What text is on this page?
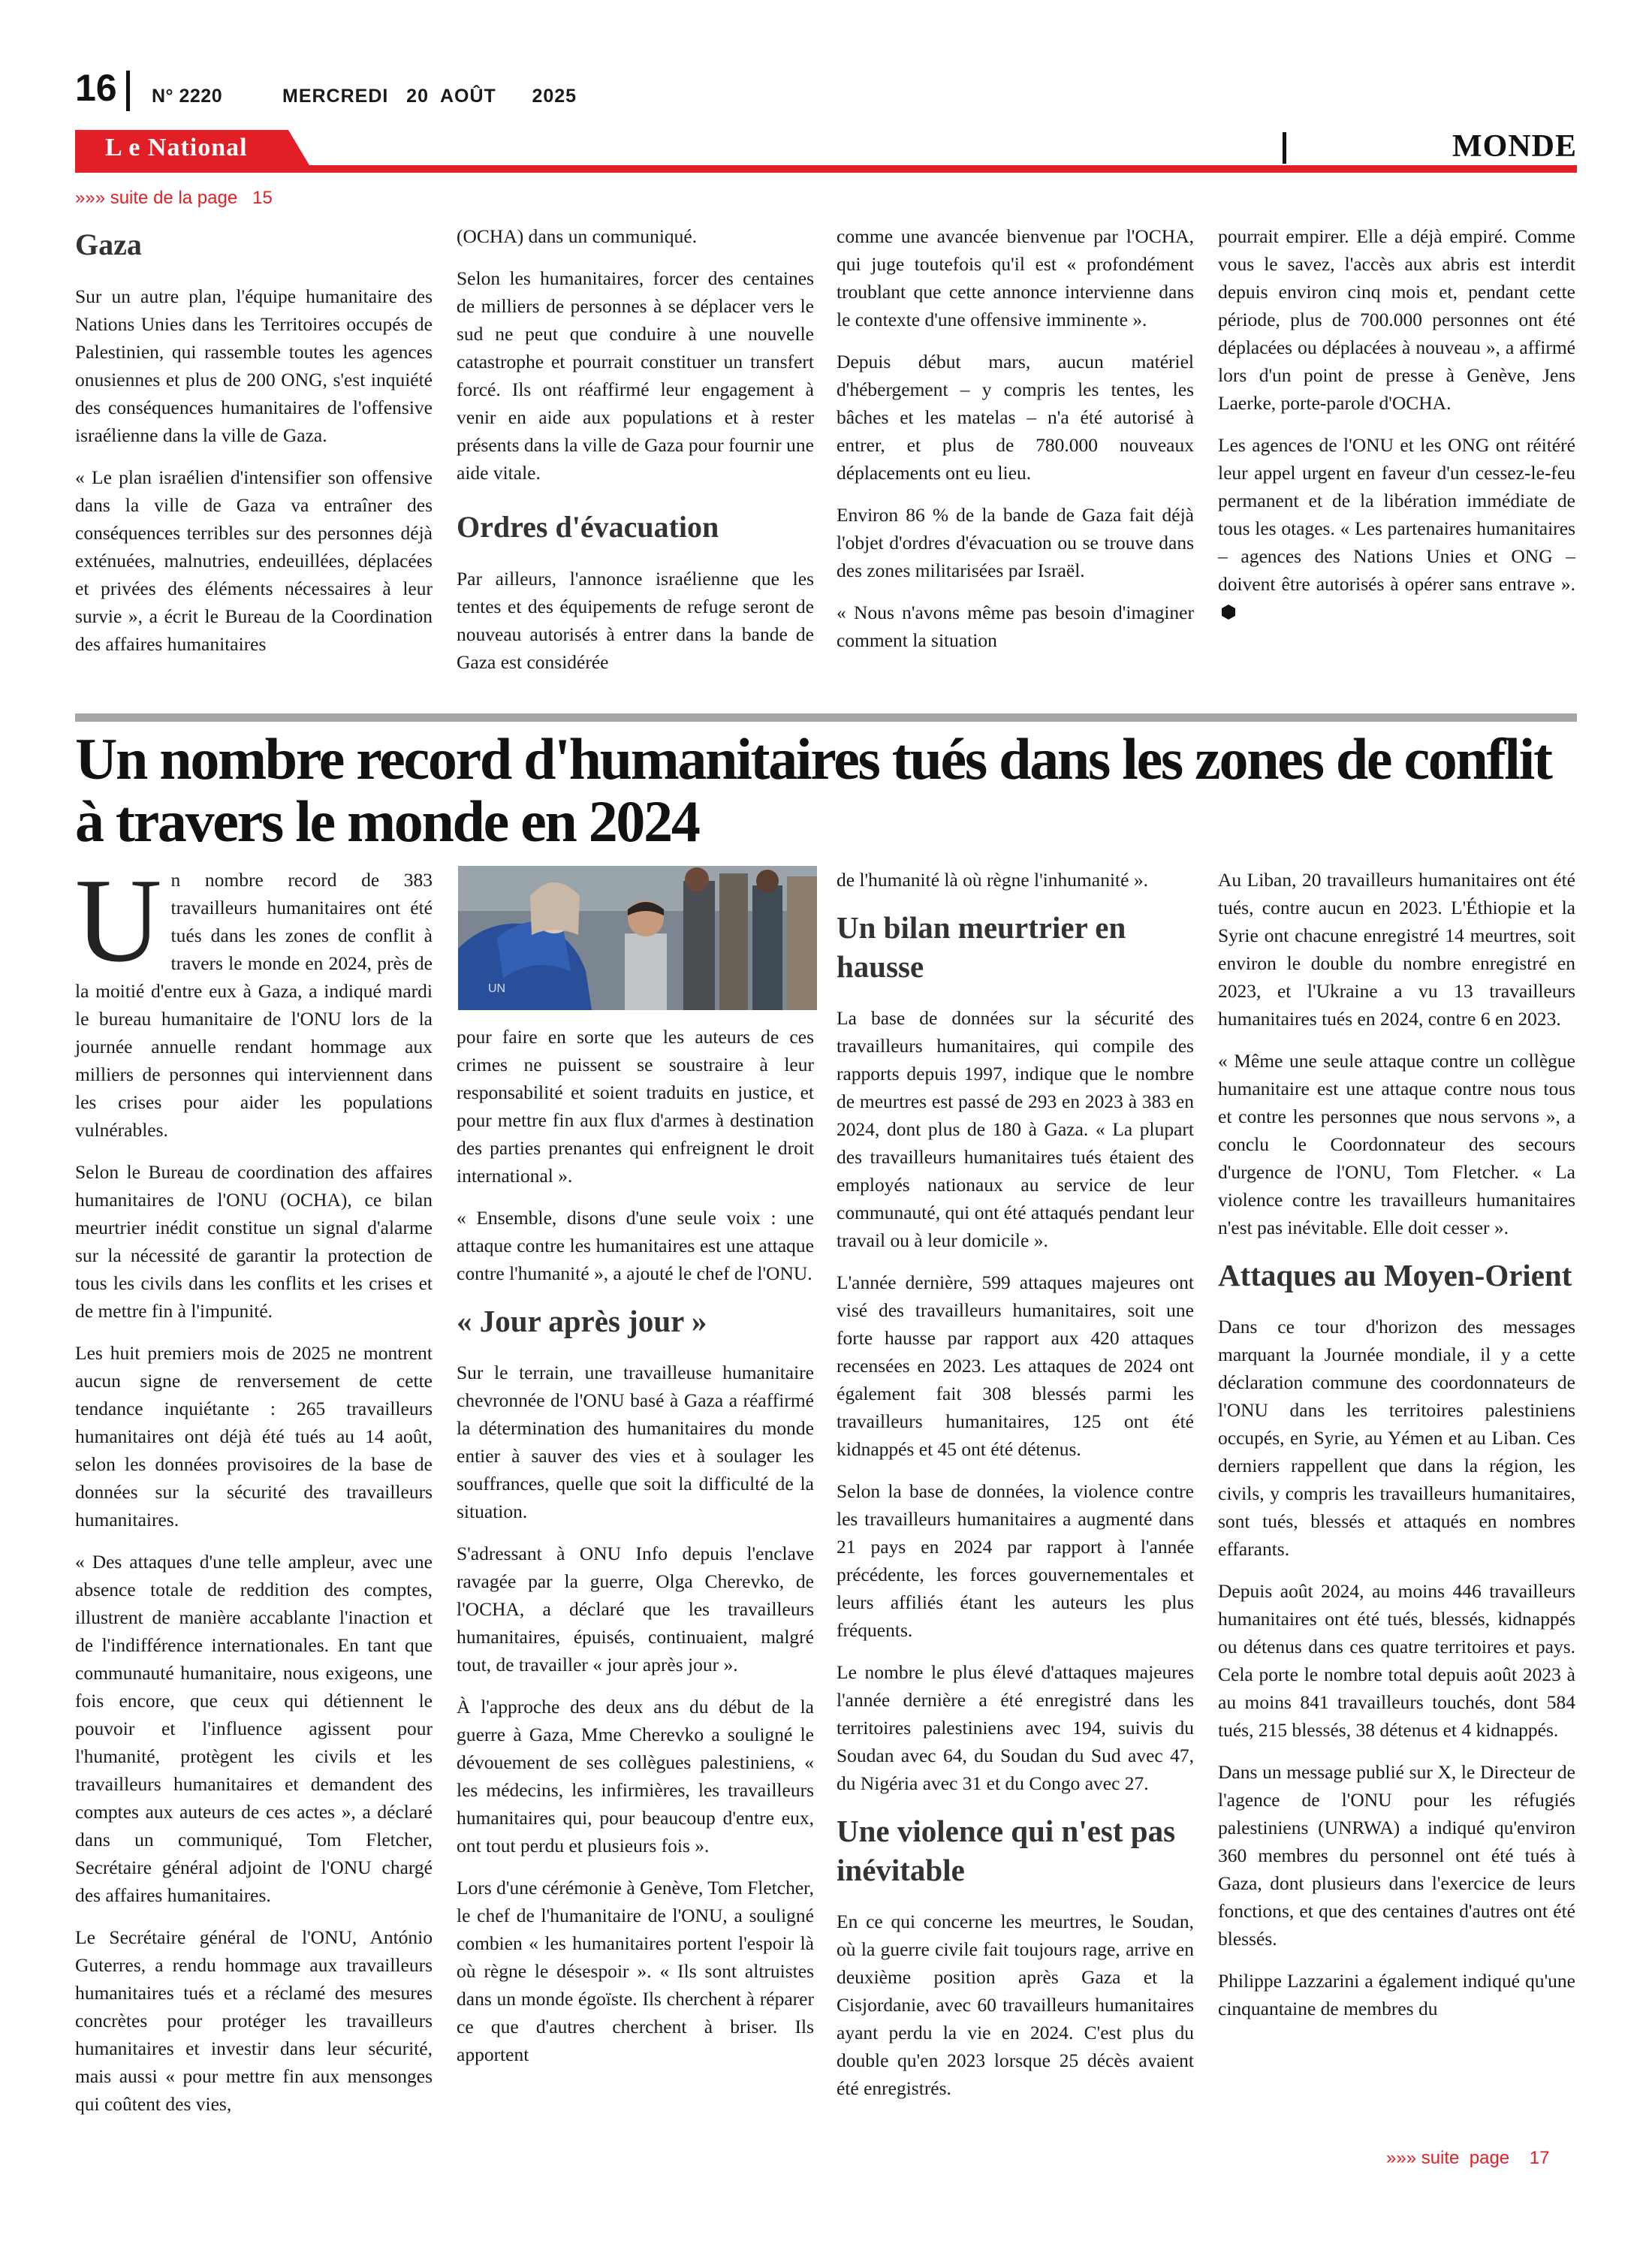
16 N° 2220	MERCREDI   20  AOÛT      2025
L e National	MONDE
»»» suite de la page   15
Gaza

Sur un autre plan, l'équipe humanitaire des Nations Unies dans les Territoires occupés de Palestinien, qui rassemble toutes les agences onusiennes et plus de 200 ONG, s'est inquiété des conséquences humanitaires de l'offensive israélienne dans la ville de Gaza.

« Le plan israélien d'intensifier son offensive dans la ville de Gaza va entraîner des conséquences terribles sur des personnes déjà exténuées, malnutries, endeuillées, déplacées et privées des éléments nécessaires à leur survie », a écrit le Bureau de la Coordination des affaires humanitaires

(OCHA) dans un communiqué.

Selon les humanitaires, forcer des centaines de milliers de personnes à se déplacer vers le sud ne peut que conduire à une nouvelle catastrophe et pourrait constituer un transfert forcé. Ils ont réaffirmé leur engagement à venir en aide aux populations et à rester présents dans la ville de Gaza pour fournir une aide vitale.

Ordres d'évacuation

Par ailleurs, l'annonce israélienne que les tentes et des équipements de refuge seront de nouveau autorisés à entrer dans la bande de Gaza est considérée

comme une avancée bienvenue par l'OCHA, qui juge toutefois qu'il est « profondément troublant que cette annonce intervienne dans le contexte d'une offensive imminente ».

Depuis début mars, aucun matériel d'hébergement – y compris les tentes, les bâches et les matelas – n'a été autorisé à entrer, et plus de 780.000 nouveaux déplacements ont eu lieu.

Environ 86 % de la bande de Gaza fait déjà l'objet d'ordres d'évacuation ou se trouve dans des zones militarisées par Israël.

« Nous n'avons même pas besoin d'imaginer comment la situation

pourrait empirer. Elle a déjà empiré. Comme vous le savez, l'accès aux abris est interdit depuis environ cinq mois et, pendant cette période, plus de 700.000 personnes ont été déplacées ou déplacées à nouveau », a affirmé lors d'un point de presse à Genève, Jens Laerke, porte-parole d'OCHA.

Les agences de l'ONU et les ONG ont réitéré leur appel urgent en faveur d'un cessez-le-feu permanent et de la libération immédiate de tous les otages. « Les partenaires humanitaires – agences des Nations Unies et ONG – doivent être autorisés à opérer sans entrave ».

Un nombre record d'humanitaires tués dans les zones de conflit à travers le monde en 2024

Un nombre record de 383 travailleurs humanitaires ont été tués dans les zones de conflit à travers le monde en 2024, près de la moitié d'entre eux à Gaza, a indiqué mardi le bureau humanitaire de l'ONU lors de la journée annuelle rendant hommage aux milliers de personnes qui interviennent dans les crises pour aider les populations vulnérables.

Selon le Bureau de coordination des affaires humanitaires de l'ONU (OCHA), ce bilan meurtrier inédit constitue un signal d'alarme sur la nécessité de garantir la protection de tous les civils dans les conflits et les crises et de mettre fin à l'impunité.

Les huit premiers mois de 2025 ne montrent aucun signe de renversement de cette tendance inquiétante : 265 travailleurs humanitaires ont déjà été tués au 14 août, selon les données provisoires de la base de données sur la sécurité des travailleurs humanitaires.

« Des attaques d'une telle ampleur, avec une absence totale de reddition des comptes, illustrent de manière accablante l'inaction et de l'indifférence internationales. En tant que communauté humanitaire, nous exigeons, une fois encore, que ceux qui détiennent le pouvoir et l'influence agissent pour l'humanité, protègent les civils et les travailleurs humanitaires et demandent des comptes aux auteurs de ces actes », a déclaré dans un communiqué, Tom Fletcher, Secrétaire général adjoint de l'ONU chargé des affaires humanitaires.

Le Secrétaire général de l'ONU, António Guterres, a rendu hommage aux travailleurs humanitaires tués et a réclamé des mesures concrètes pour protéger les travailleurs humanitaires et investir dans leur sécurité, mais aussi « pour mettre fin aux mensonges qui coûtent des vies,

UN

pour faire en sorte que les auteurs de ces crimes ne puissent se soustraire à leur responsabilité et soient traduits en justice, et pour mettre fin aux flux d'armes à destination des parties prenantes qui enfreignent le droit international ».

« Ensemble, disons d'une seule voix : une attaque contre les humanitaires est une attaque contre l'humanité », a ajouté le chef de l'ONU.

« Jour après jour »

Sur le terrain, une travailleuse humanitaire chevronnée de l'ONU basé à Gaza a réaffirmé la détermination des humanitaires du monde entier à sauver des vies et à soulager les souffrances, quelle que soit la difficulté de la situation.

S'adressant à ONU Info depuis l'enclave ravagée par la guerre, Olga Cherevko, de l'OCHA, a déclaré que les travailleurs humanitaires, épuisés, continuaient, malgré tout, de travailler « jour après jour ».

À l'approche des deux ans du début de la guerre à Gaza, Mme Cherevko a souligné le dévouement de ses collègues palestiniens, « les médecins, les infirmières, les travailleurs humanitaires qui, pour beaucoup d'entre eux, ont tout perdu et plusieurs fois ».

Lors d'une cérémonie à Genève, Tom Fletcher, le chef de l'humanitaire de l'ONU, a souligné combien « les humanitaires portent l'espoir là où règne le désespoir ». « Ils sont altruistes dans un monde égoïste. Ils cherchent à réparer ce que d'autres cherchent à briser. Ils apportent

de l'humanité là où règne l'inhumanité ».

Un bilan meurtrier en hausse

La base de données sur la sécurité des travailleurs humanitaires, qui compile des rapports depuis 1997, indique que le nombre de meurtres est passé de 293 en 2023 à 383 en 2024, dont plus de 180 à Gaza. « La plupart des travailleurs humanitaires tués étaient des employés nationaux au service de leur communauté, qui ont été attaqués pendant leur travail ou à leur domicile ».

L'année dernière, 599 attaques majeures ont visé des travailleurs humanitaires, soit une forte hausse par rapport aux 420 attaques recensées en 2023. Les attaques de 2024 ont également fait 308 blessés parmi les travailleurs humanitaires, 125 ont été kidnappés et 45 ont été détenus.

Selon la base de données, la violence contre les travailleurs humanitaires a augmenté dans 21 pays en 2024 par rapport à l'année précédente, les forces gouvernementales et leurs affiliés étant les auteurs les plus fréquents.

Le nombre le plus élevé d'attaques majeures l'année dernière a été enregistré dans les territoires palestiniens avec 194, suivis du Soudan avec 64, du Soudan du Sud avec 47, du Nigéria avec 31 et du Congo avec 27.

Une violence qui n'est pas inévitable

En ce qui concerne les meurtres, le Soudan, où la guerre civile fait toujours rage, arrive en deuxième position après Gaza et la Cisjordanie, avec 60 travailleurs humanitaires ayant perdu la vie en 2024. C'est plus du double qu'en 2023 lorsque 25 décès avaient été enregistrés.

Au Liban, 20 travailleurs humanitaires ont été tués, contre aucun en 2023. L'Éthiopie et la Syrie ont chacune enregistré 14 meurtres, soit environ le double du nombre enregistré en 2023, et l'Ukraine a vu 13 travailleurs humanitaires tués en 2024, contre 6 en 2023.

« Même une seule attaque contre un collègue humanitaire est une attaque contre nous tous et contre les personnes que nous servons », a conclu le Coordonnateur des secours d'urgence de l'ONU, Tom Fletcher. « La violence contre les travailleurs humanitaires n'est pas inévitable. Elle doit cesser ».

Attaques au Moyen-Orient

Dans ce tour d'horizon des messages marquant la Journée mondiale, il y a cette déclaration commune des coordonnateurs de l'ONU dans les territoires palestiniens occupés, en Syrie, au Yémen et au Liban. Ces derniers rappellent que dans la région, les civils, y compris les travailleurs humanitaires, sont tués, blessés et attaqués en nombres effarants.

Depuis août 2024, au moins 446 travailleurs humanitaires ont été tués, blessés, kidnappés ou détenus dans ces quatre territoires et pays. Cela porte le nombre total depuis août 2023 à au moins 841 travailleurs touchés, dont 584 tués, 215 blessés, 38 détenus et 4 kidnappés.

Dans un message publié sur X, le Directeur de l'agence de l'ONU pour les réfugiés palestiniens (UNRWA) a indiqué qu'environ 360 membres du personnel ont été tués à Gaza, dont plusieurs dans l'exercice de leurs fonctions, et que des centaines d'autres ont été blessés.

Philippe Lazzarini a également indiqué qu'une cinquantaine de membres du

»»» suite  page    17
